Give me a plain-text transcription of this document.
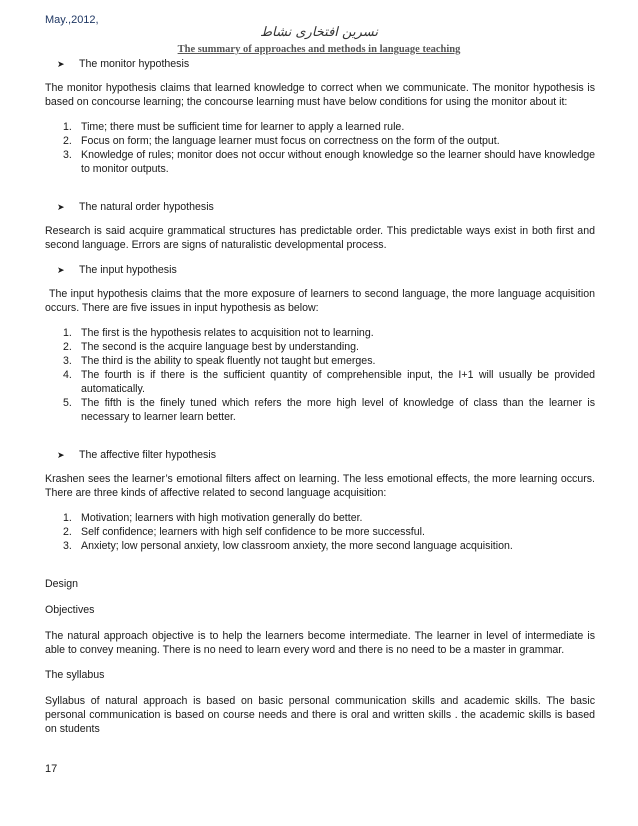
May.,2012,
نسرین افتخاری نشاط
The summary of approaches and methods in language teaching
➤	The monitor hypothesis

The monitor hypothesis claims that learned knowledge to correct when we communicate. The monitor hypothesis is based on concourse learning; the concourse learning must have below conditions for using the monitor about it:

1. Time; there must be sufficient time for learner to apply a learned rule.
2. Focus on form; the language learner must focus on correctness on the form of the output.
3. Knowledge of rules; monitor does not occur without enough knowledge so the learner should have knowledge to monitor outputs.
➤	The natural order hypothesis

Research is said acquire grammatical structures has predictable order. This predictable ways exist in both first and second language. Errors are signs of naturalistic developmental process.

➤	The input hypothesis

The input hypothesis claims that the more exposure of learners to second language, the more language acquisition occurs. There are five issues in input hypothesis as below:

1. The first is the hypothesis relates to acquisition not to learning.
2. The second is the acquire language best by understanding.
3. The third is the ability to speak fluently not taught but emerges.
4. The fourth is if there is the sufficient quantity of comprehensible input, the I+1 will usually be provided automatically.
5. The fifth is the finely tuned which refers the more high level of knowledge of class than the learner is necessary to learner learn better.
➤	The affective filter hypothesis

Krashen sees the learner’s emotional filters affect on learning. The less emotional effects, the more learning occurs. There are three kinds of affective related to second language acquisition:

1. Motivation; learners with high motivation generally do better.
2. Self confidence; learners with high self confidence to be more successful.
3. Anxiety; low personal anxiety, low classroom anxiety, the more second language acquisition.

Design

Objectives

The natural approach objective is to help the learners become intermediate. The learner in level of intermediate is able to convey meaning. There is no need to learn every word and there is no need to be a master in grammar.

The syllabus

Syllabus of natural approach is based on basic personal communication skills and academic skills. The basic personal communication is based on course needs and there is oral and written skills . the academic skills is based on students

17
